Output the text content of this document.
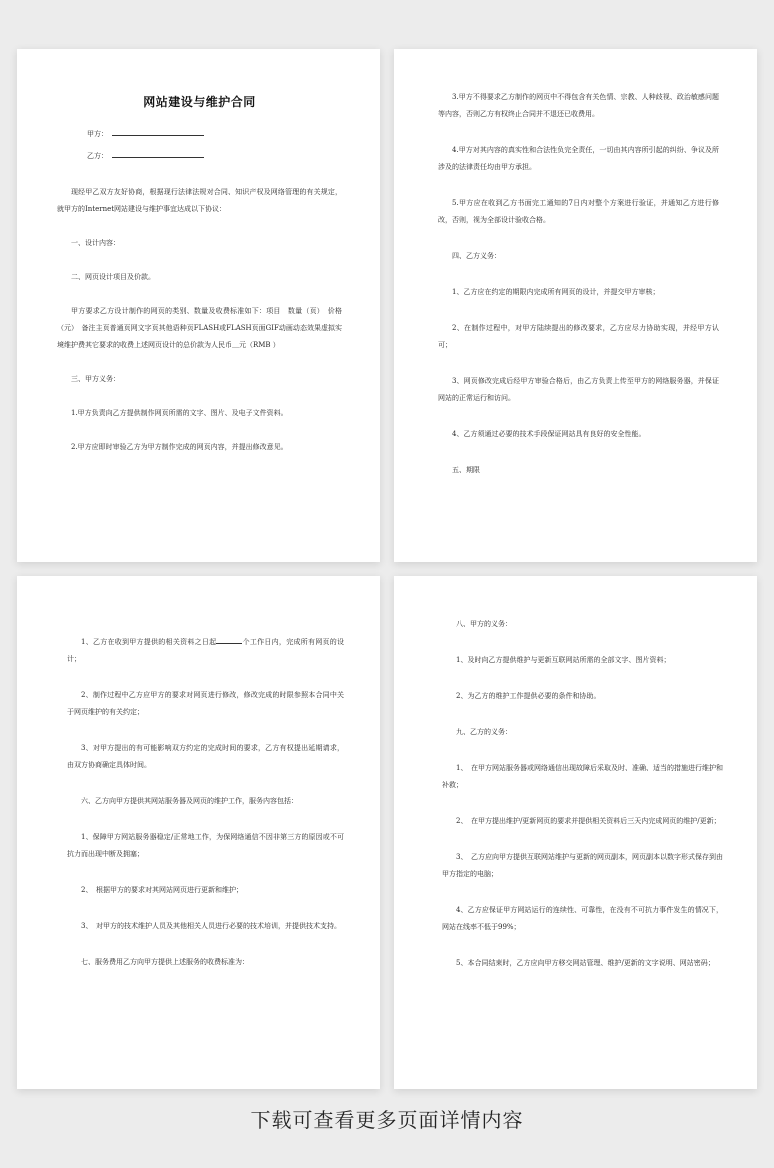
网站建设与维护合同
甲方：
乙方：

现经甲乙双方友好协商，根据现行法律法规对合同、知识产权及网络管理的有关规定，就甲方的Internet网站建设与维护事宜达成以下协议：

一、设计内容：

二、网页设计项目及价款。

甲方要求乙方设计制作的网页的类别、数量及收费标准如下：项目　数量（页）　价格（元）　备注主页普通页网文字页其他语种页FLASH或FLASH页面GIF动画动态效果虚拟实境维护费其它要求的收费上述网页设计的总价款为人民币＿元（RMB ）

三、甲方义务：

1.甲方负责向乙方提供制作网页所需的文字、图片、及电子文件资料。

2.甲方应即时审验乙方为甲方制作完成的网页内容，并提出修改意见。

3.甲方不得要求乙方制作的网页中不得包含有关色情、宗教、人种歧视、政治敏感问题等内容，否则乙方有权终止合同并不退还已收费用。

4.甲方对其内容的真实性和合法性负完全责任，一切由其内容所引起的纠纷、争议及所涉及的法律责任均由甲方承担。

5.甲方应在收到乙方书面完工通知的7日内对整个方案进行验证，并通知乙方进行修改，否则，视为全部设计验收合格。

四、乙方义务：

1、乙方应在约定的期限内完成所有网页的设计，并提交甲方审核；

2、在制作过程中，对甲方陆续提出的修改要求，乙方应尽力协助实现，并经甲方认可；

3、网页修改完成后经甲方审验合格后，由乙方负责上传至甲方的网络服务器，并保证网站的正常运行和访问。

4、乙方须通过必要的技术手段保证网站具有良好的安全性能。

五、期限

1、乙方在收到甲方提供的相关资料之日起	个工作日内，完成所有网页的设计；

2、制作过程中乙方应甲方的要求对网页进行修改，修改完成的时限参照本合同中关于网页维护的有关约定；

3、对甲方提出的有可能影响双方约定的完成时间的要求，乙方有权提出延期请求，由双方协商确定具体时间。

六、乙方向甲方提供其网站服务器及网页的维护工作，服务内容包括：

1、保障甲方网站服务器稳定/正常地工作，为保网络通信不因非第三方的原因或不可抗力而出现中断及拥塞；

2、　根据甲方的要求对其网站网页进行更新和维护；

3、　对甲方的技术维护人员及其他相关人员进行必要的技术培训，并提供技术支持。

七、服务费用乙方向甲方提供上述服务的收费标准为：

八、甲方的义务：

1、及时向乙方提供维护与更新互联网站所需的全部文字、图片资料；

2、为乙方的维护工作提供必要的条件和协助。

九、乙方的义务：

1、　在甲方网站服务器或网络通信出现故障后采取及时、准确、适当的措施进行维护和补救；

2、　在甲方提出维护/更新网页的要求并提供相关资料后三天内完成网页的维护/更新；

3、　乙方应向甲方提供互联网站维护与更新的网页副本，网页副本以数字形式保存到由甲方指定的电脑；

4、乙方应保证甲方网站运行的连续性、可靠性，在没有不可抗力事件发生的情况下，网站在线率不低于99%；

5、本合同结束时，乙方应向甲方移交网站管理、维护/更新的文字说明、网站密码；

下载可查看更多页面详情内容
